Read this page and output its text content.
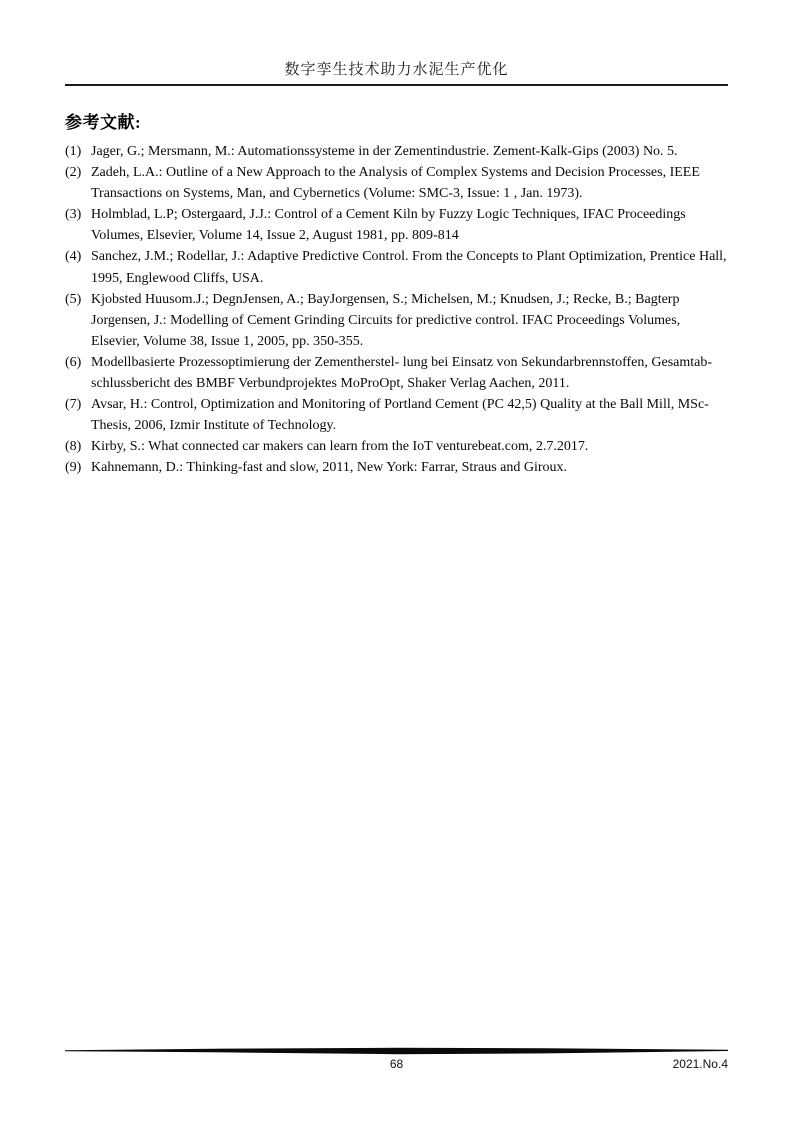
数字孪生技术助力水泥生产优化
参考文献:
(1) Jager, G.; Mersmann, M.: Automationssysteme in der Zementindustrie. Zement-Kalk-Gips (2003) No. 5.
(2) Zadeh, L.A.: Outline of a New Approach to the Analysis of Complex Systems and Decision Processes, IEEE Transactions on Systems, Man, and Cybernetics (Volume: SMC-3, Issue: 1 , Jan. 1973).
(3) Holmblad, L.P; Ostergaard, J.J.: Control of a Cement Kiln by Fuzzy Logic Techniques, IFAC Proceedings Volumes, Elsevier, Volume 14, Issue 2, August 1981, pp. 809-814
(4) Sanchez, J.M.; Rodellar, J.: Adaptive Predictive Control. From the Concepts to Plant Optimization, Prentice Hall, 1995, Englewood Cliffs, USA.
(5) Kjobsted Huusom.J.; DegnJensen, A.; BayJorgensen, S.; Michelsen, M.; Knudsen, J.; Recke, B.; Bagterp Jorgensen, J.: Modelling of Cement Grinding Circuits for predictive control. IFAC Proceedings Volumes, Elsevier, Volume 38, Issue 1, 2005, pp. 350-355.
(6) Modellbasierte Prozessoptimierung der Zementherstel- lung bei Einsatz von Sekundarbrennstoffen, Gesamtab- schlussbericht des BMBF Verbundprojektes MoProOpt, Shaker Verlag Aachen, 2011.
(7) Avsar, H.: Control, Optimization and Monitoring of Portland Cement (PC 42,5) Quality at the Ball Mill, MSc- Thesis, 2006, Izmir Institute of Technology.
(8) Kirby, S.: What connected car makers can learn from the IoT venturebeat.com, 2.7.2017.
(9) Kahnemann, D.: Thinking-fast and slow, 2011, New York: Farrar, Straus and Giroux.
68	2021.No.4
